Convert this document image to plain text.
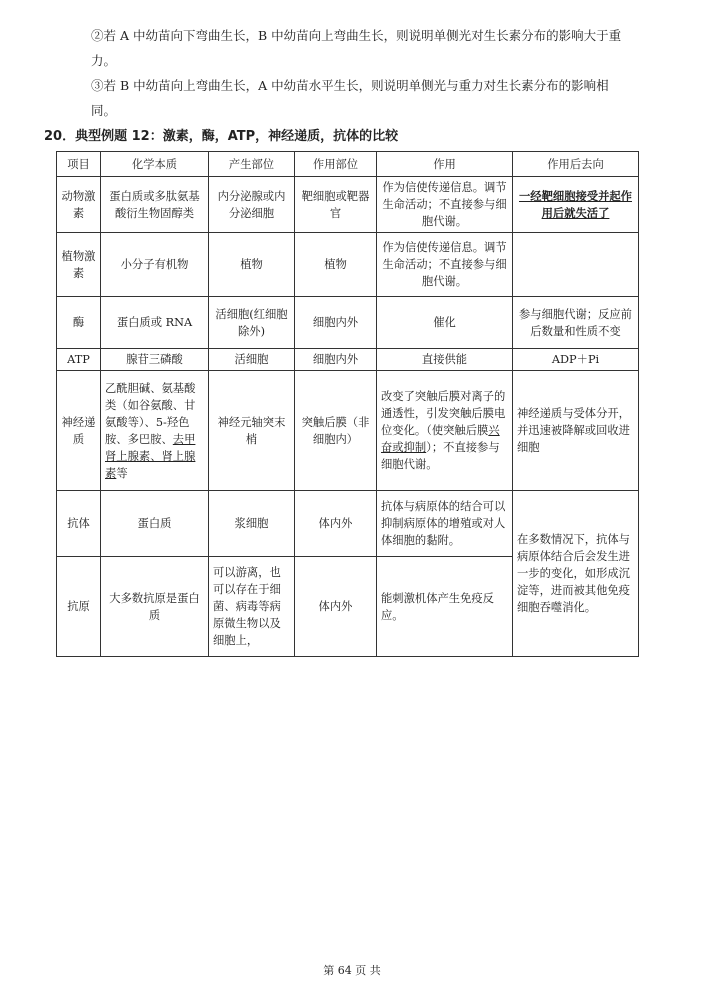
②若 A 中幼苗向下弯曲生长，B 中幼苗向上弯曲生长，则说明单侧光对生长素分布的影响大于重力。
③若 B 中幼苗向上弯曲生长，A 中幼苗水平生长，则说明单侧光与重力对生长素分布的影响相同。
20．典型例题 12：激素，酶，ATP，神经递质，抗体的比较
项目	化学本质	产生部位	作用部位	作用	作用后去向
动物激素	蛋白质或多肽氨基酸衍生物固醇类	内分泌腺或内分泌细胞	靶细胞或靶器官	作为信使传递信息。调节生命活动；不直接参与细胞代谢。	一经靶细胞接受并起作用后就失活了
植物激素	小分子有机物	植物	植物	作为信使传递信息。调节生命活动；不直接参与细胞代谢。	
酶	蛋白质或 RNA	活细胞(红细胞除外)	细胞内外	催化	参与细胞代谢；反应前后数量和性质不变
ATP	腺苷三磷酸	活细胞	细胞内外	直接供能	ADP＋Pi
神经递质	乙酰胆碱、氨基酸类（如谷氨酸、甘氨酸等）、5-羟色胺、多巴胺、去甲肾上腺素、肾上腺素等	神经元轴突末梢	突触后膜（非细胞内）	改变了突触后膜对离子的通透性，引发突触后膜电位变化。（使突触后膜兴奋或抑制）；不直接参与细胞代谢。	神经递质与受体分开，并迅速被降解或回收进细胞
抗体	蛋白质	浆细胞	体内外	抗体与病原体的结合可以抑制病原体的增殖或对人体细胞的黏附。	在多数情况下，抗体与病原体结合后会发生进一步的变化，如形成沉淀等，进而被其他免疫细胞吞噬消化。
抗原	大多数抗原是蛋白质	可以游离，也可以存在于细菌、病毒等病原微生物以及细胞上，	体内外	能刺激机体产生免疫反应。	
第 64 页 共
